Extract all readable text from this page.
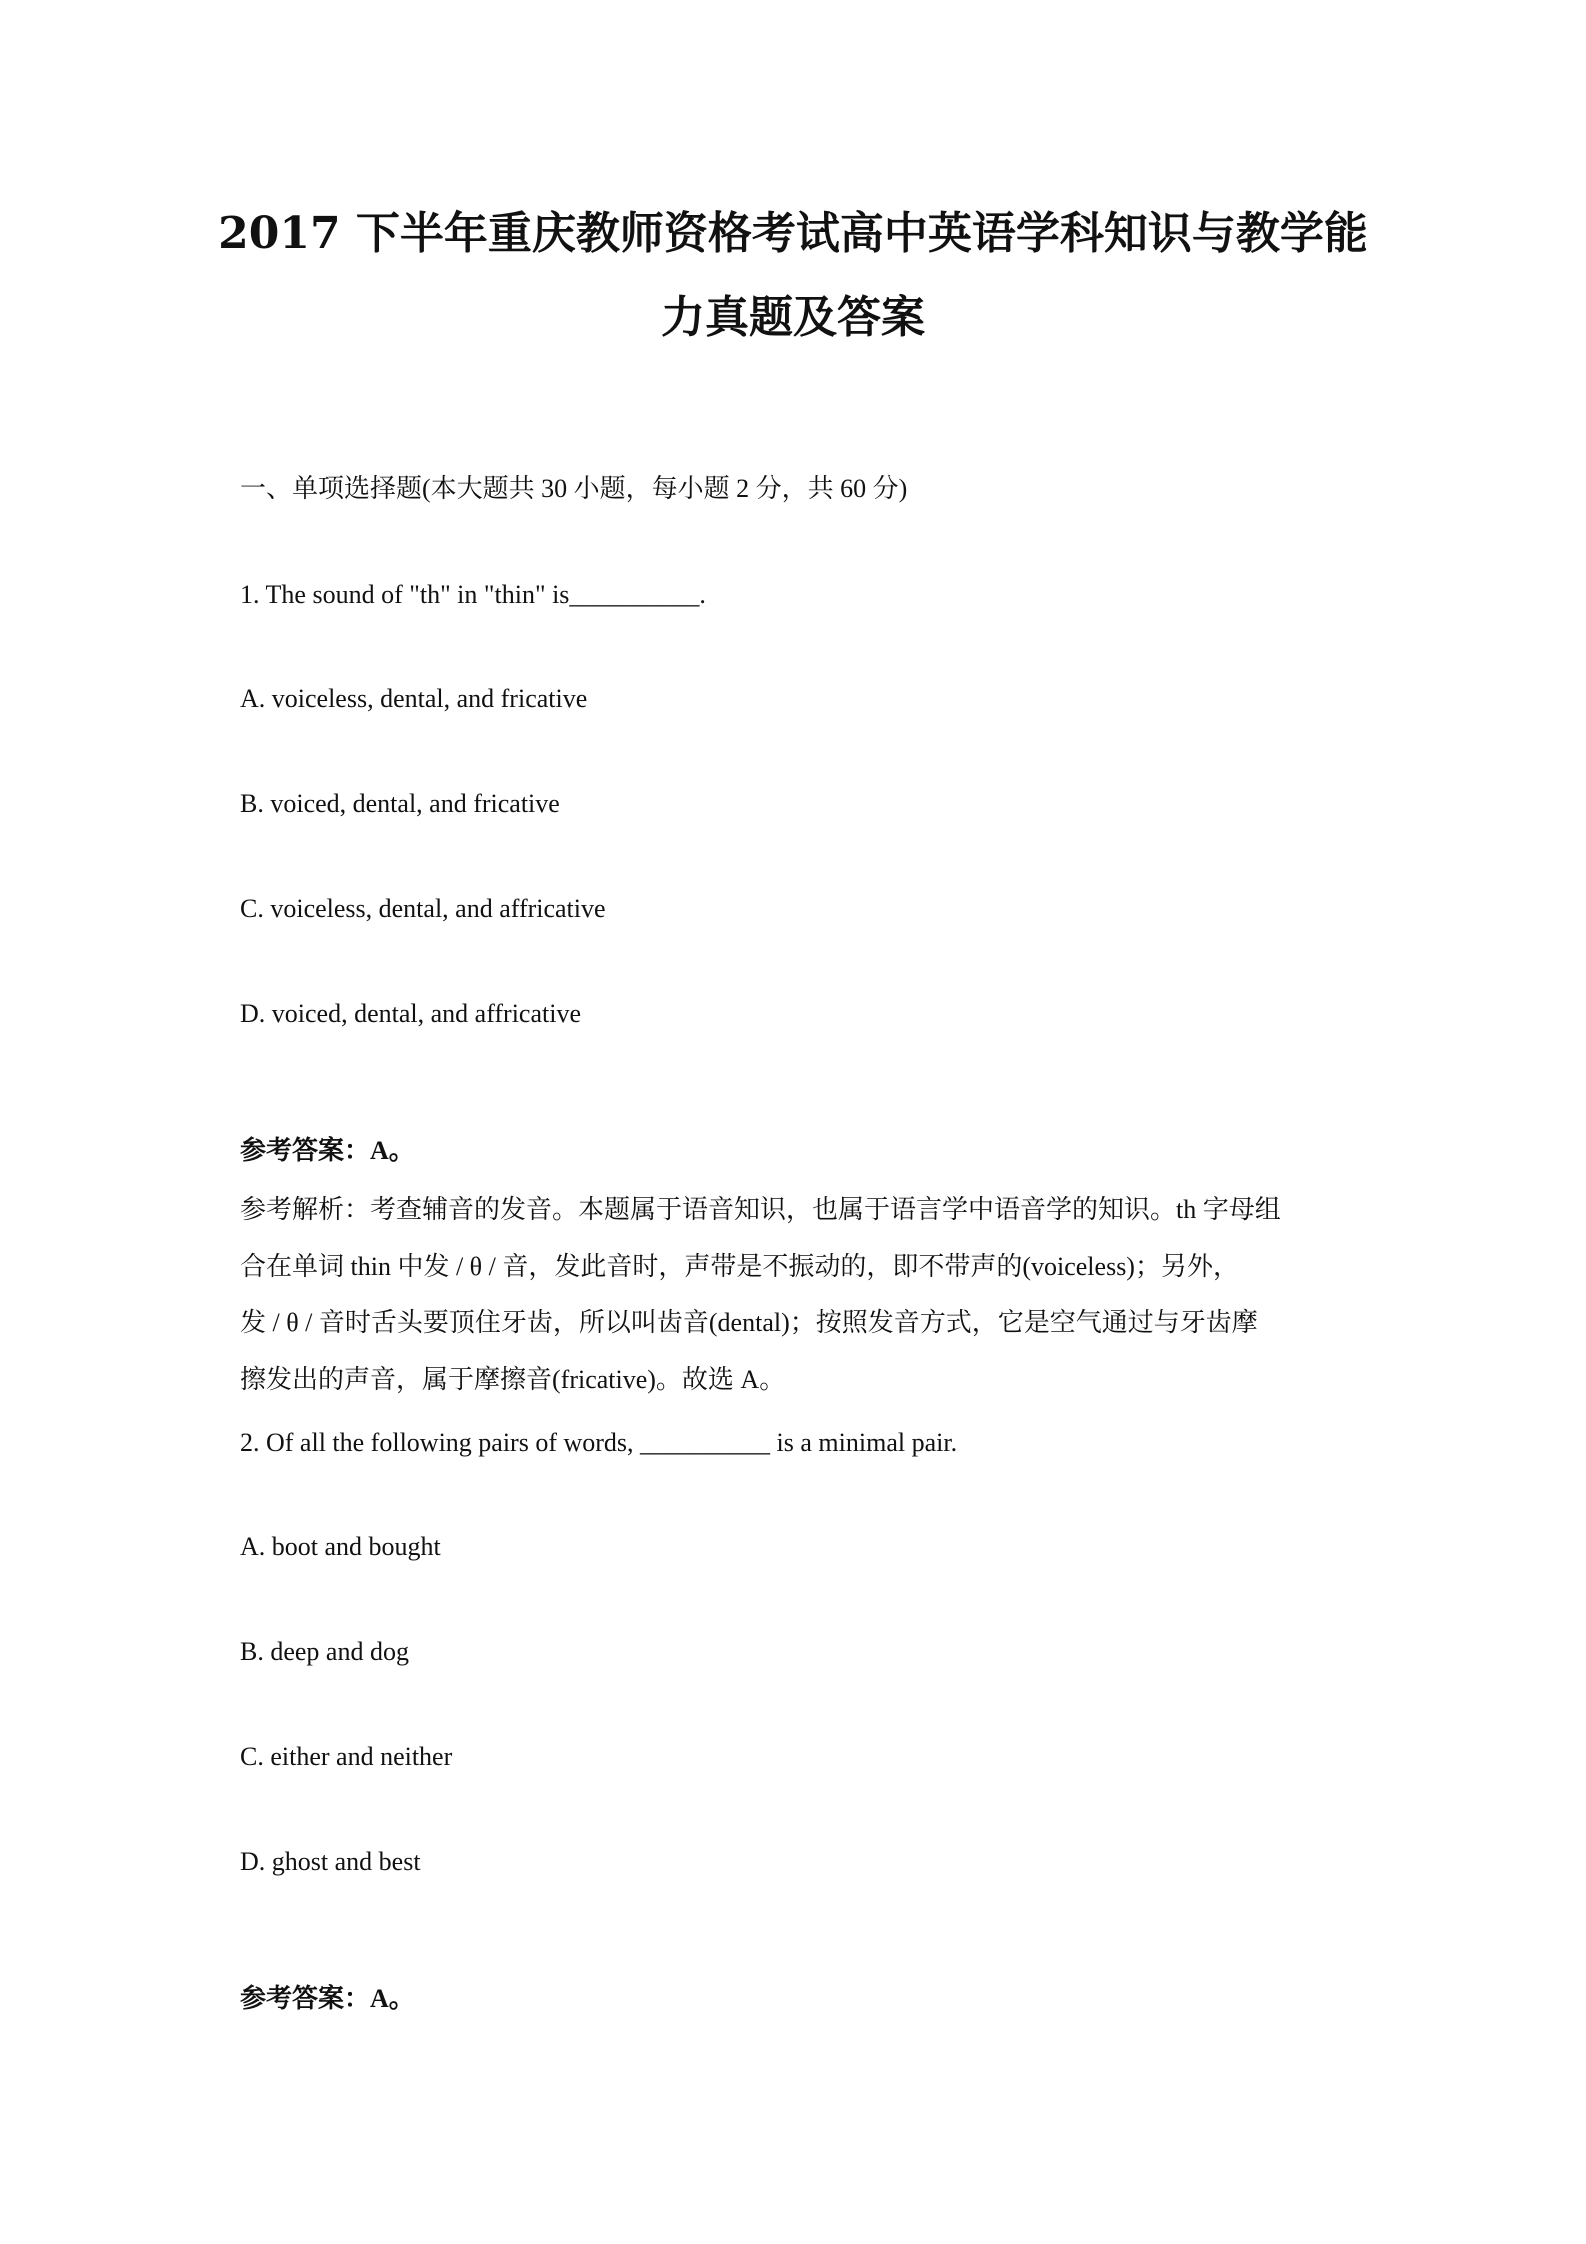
2017 下半年重庆教师资格考试高中英语学科知识与教学能
力真题及答案
一、单项选择题(本大题共 30 小题，每小题 2 分，共 60 分)
1. The sound of "th" in "thin" is__________.
A. voiceless, dental, and fricative
B. voiced, dental, and fricative
C. voiceless, dental, and affricative
D. voiced, dental, and affricative
参考答案：A。
参考解析：考查辅音的发音。本题属于语音知识，也属于语言学中语音学的知识。th 字母组
合在单词 thin 中发 / θ / 音，发此音时，声带是不振动的，即不带声的(voiceless)；另外，
发 / θ / 音时舌头要顶住牙齿，所以叫齿音(dental)；按照发音方式，它是空气通过与牙齿摩
擦发出的声音，属于摩擦音(fricative)。故选 A。
2. Of all the following pairs of words, __________ is a minimal pair.
A. boot and bought
B. deep and dog
C. either and neither
D. ghost and best
参考答案：A。
